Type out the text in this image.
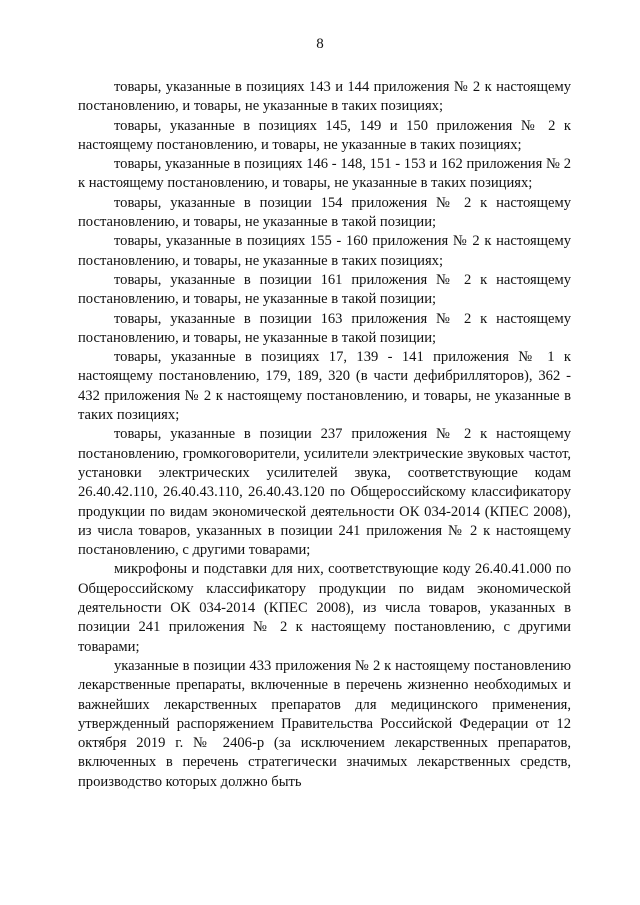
8

товары, указанные в позициях 143 и 144 приложения № 2 к настоящему постановлению, и товары, не указанные в таких позициях;

товары, указанные в позициях 145, 149 и 150 приложения № 2 к настоящему постановлению, и товары, не указанные в таких позициях;

товары, указанные в позициях 146 - 148, 151 - 153 и 162 приложения № 2 к настоящему постановлению, и товары, не указанные в таких позициях;

товары, указанные в позиции 154 приложения № 2 к настоящему постановлению, и товары, не указанные в такой позиции;

товары, указанные в позициях 155 - 160 приложения № 2 к настоящему постановлению, и товары, не указанные в таких позициях;

товары, указанные в позиции 161 приложения № 2 к настоящему постановлению, и товары, не указанные в такой позиции;

товары, указанные в позиции 163 приложения № 2 к настоящему постановлению, и товары, не указанные в такой позиции;

товары, указанные в позициях 17, 139 - 141 приложения № 1 к настоящему постановлению, 179, 189, 320 (в части дефибрилляторов), 362 - 432 приложения № 2 к настоящему постановлению, и товары, не указанные в таких позициях;

товары, указанные в позиции 237 приложения № 2 к настоящему постановлению, громкоговорители, усилители электрические звуковых частот, установки электрических усилителей звука, соответствующие кодам 26.40.42.110, 26.40.43.110, 26.40.43.120 по Общероссийскому классификатору продукции по видам экономической деятельности ОК 034-2014 (КПЕС 2008), из числа товаров, указанных в позиции 241 приложения № 2 к настоящему постановлению, с другими товарами;

микрофоны и подставки для них, соответствующие коду 26.40.41.000 по Общероссийскому классификатору продукции по видам экономической деятельности ОК 034-2014 (КПЕС 2008), из числа товаров, указанных в позиции 241 приложения № 2 к настоящему постановлению, с другими товарами;

указанные в позиции 433 приложения № 2 к настоящему постановлению лекарственные препараты, включенные в перечень жизненно необходимых и важнейших лекарственных препаратов для медицинского применения, утвержденный распоряжением Правительства Российской Федерации от 12 октября 2019 г. № 2406-р (за исключением лекарственных препаратов, включенных в перечень стратегически значимых лекарственных средств, производство которых должно быть
